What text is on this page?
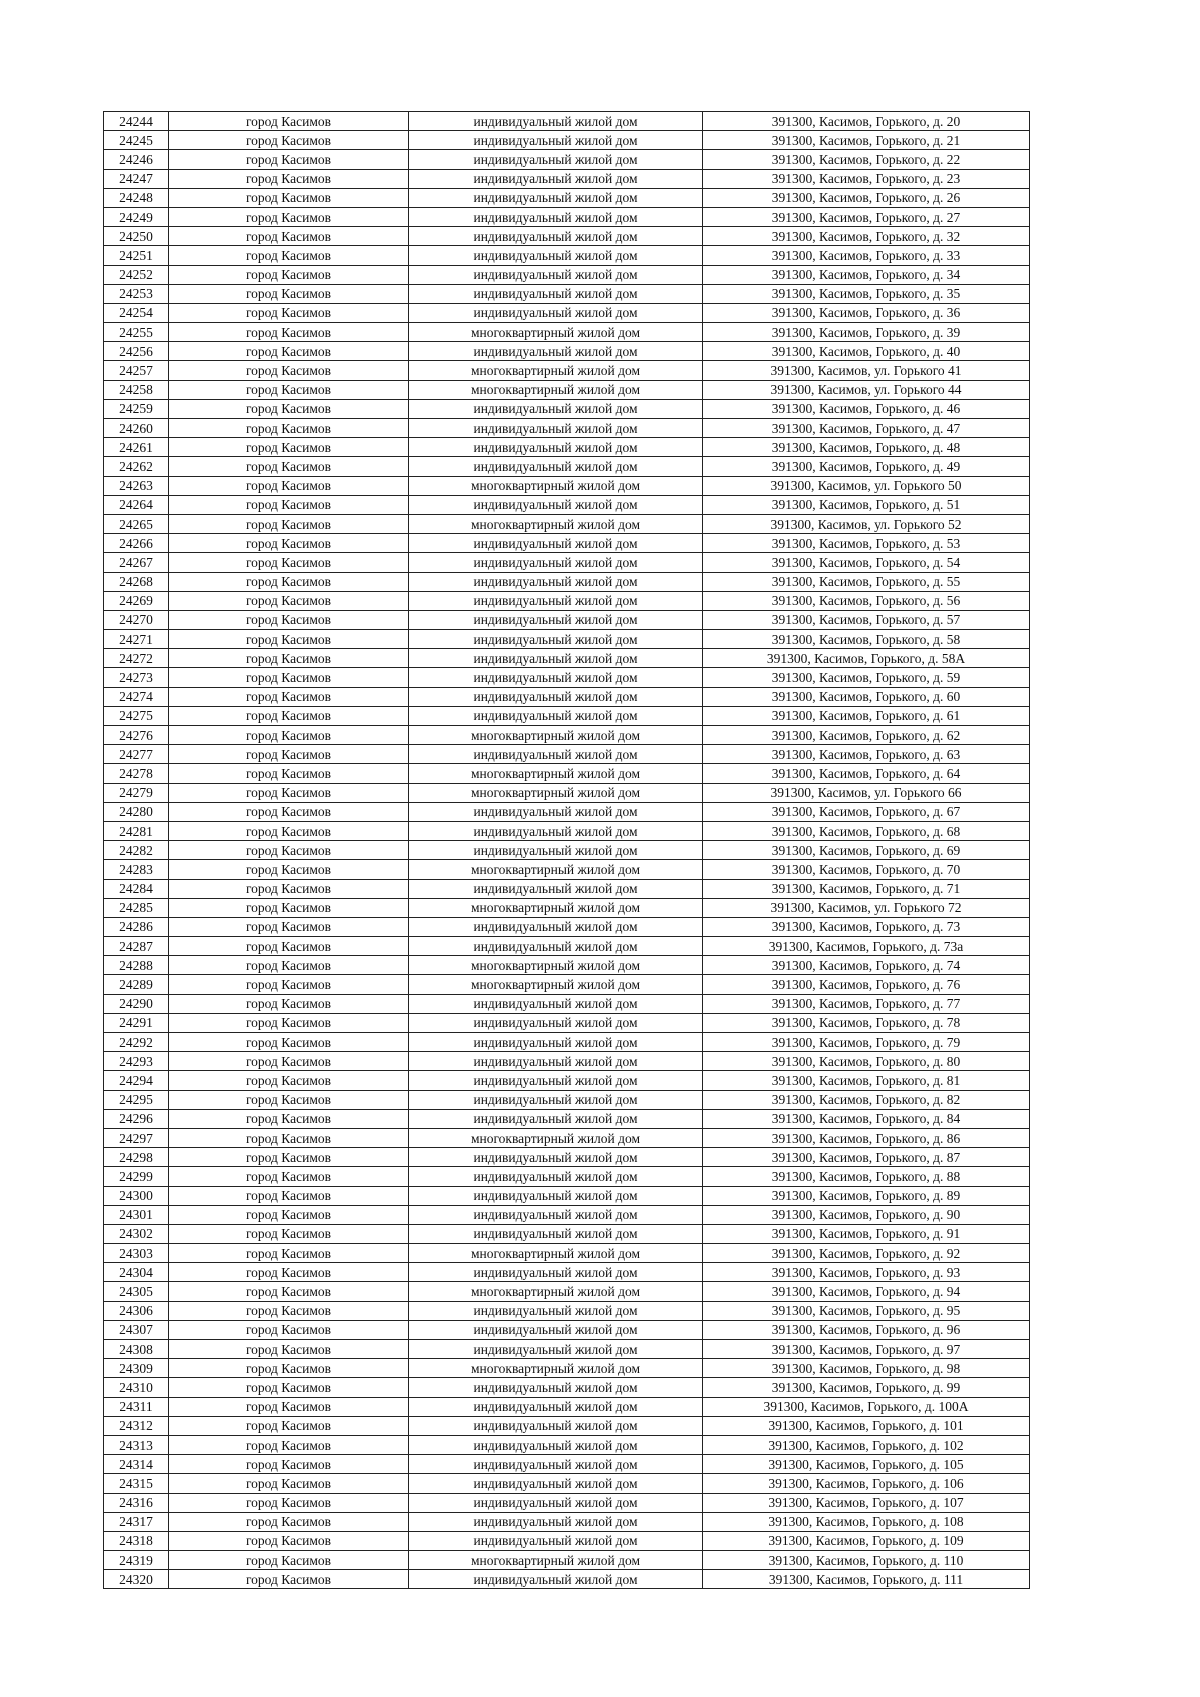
24244	город Касимов	индивидуальный жилой дом	391300, Касимов, Горького, д. 20
24245	город Касимов	индивидуальный жилой дом	391300, Касимов, Горького, д. 21
24246	город Касимов	индивидуальный жилой дом	391300, Касимов, Горького, д. 22
24247	город Касимов	индивидуальный жилой дом	391300, Касимов, Горького, д. 23
24248	город Касимов	индивидуальный жилой дом	391300, Касимов, Горького, д. 26
24249	город Касимов	индивидуальный жилой дом	391300, Касимов, Горького, д. 27
24250	город Касимов	индивидуальный жилой дом	391300, Касимов, Горького, д. 32
24251	город Касимов	индивидуальный жилой дом	391300, Касимов, Горького, д. 33
24252	город Касимов	индивидуальный жилой дом	391300, Касимов, Горького, д. 34
24253	город Касимов	индивидуальный жилой дом	391300, Касимов, Горького, д. 35
24254	город Касимов	индивидуальный жилой дом	391300, Касимов, Горького, д. 36
24255	город Касимов	многоквартирный жилой дом	391300, Касимов, Горького, д. 39
24256	город Касимов	индивидуальный жилой дом	391300, Касимов, Горького, д. 40
24257	город Касимов	многоквартирный жилой дом	391300, Касимов, ул. Горького 41
24258	город Касимов	многоквартирный жилой дом	391300, Касимов, ул. Горького 44
24259	город Касимов	индивидуальный жилой дом	391300, Касимов, Горького, д. 46
24260	город Касимов	индивидуальный жилой дом	391300, Касимов, Горького, д. 47
24261	город Касимов	индивидуальный жилой дом	391300, Касимов, Горького, д. 48
24262	город Касимов	индивидуальный жилой дом	391300, Касимов, Горького, д. 49
24263	город Касимов	многоквартирный жилой дом	391300, Касимов, ул. Горького 50
24264	город Касимов	индивидуальный жилой дом	391300, Касимов, Горького, д. 51
24265	город Касимов	многоквартирный жилой дом	391300, Касимов, ул. Горького 52
24266	город Касимов	индивидуальный жилой дом	391300, Касимов, Горького, д. 53
24267	город Касимов	индивидуальный жилой дом	391300, Касимов, Горького, д. 54
24268	город Касимов	индивидуальный жилой дом	391300, Касимов, Горького, д. 55
24269	город Касимов	индивидуальный жилой дом	391300, Касимов, Горького, д. 56
24270	город Касимов	индивидуальный жилой дом	391300, Касимов, Горького, д. 57
24271	город Касимов	индивидуальный жилой дом	391300, Касимов, Горького, д. 58
24272	город Касимов	индивидуальный жилой дом	391300, Касимов, Горького, д. 58А
24273	город Касимов	индивидуальный жилой дом	391300, Касимов, Горького, д. 59
24274	город Касимов	индивидуальный жилой дом	391300, Касимов, Горького, д. 60
24275	город Касимов	индивидуальный жилой дом	391300, Касимов, Горького, д. 61
24276	город Касимов	многоквартирный жилой дом	391300, Касимов, Горького, д. 62
24277	город Касимов	индивидуальный жилой дом	391300, Касимов, Горького, д. 63
24278	город Касимов	многоквартирный жилой дом	391300, Касимов, Горького, д. 64
24279	город Касимов	многоквартирный жилой дом	391300, Касимов, ул. Горького 66
24280	город Касимов	индивидуальный жилой дом	391300, Касимов, Горького, д. 67
24281	город Касимов	индивидуальный жилой дом	391300, Касимов, Горького, д. 68
24282	город Касимов	индивидуальный жилой дом	391300, Касимов, Горького, д. 69
24283	город Касимов	многоквартирный жилой дом	391300, Касимов, Горького, д. 70
24284	город Касимов	индивидуальный жилой дом	391300, Касимов, Горького, д. 71
24285	город Касимов	многоквартирный жилой дом	391300, Касимов, ул. Горького 72
24286	город Касимов	индивидуальный жилой дом	391300, Касимов, Горького, д. 73
24287	город Касимов	индивидуальный жилой дом	391300, Касимов, Горького, д. 73а
24288	город Касимов	многоквартирный жилой дом	391300, Касимов, Горького, д. 74
24289	город Касимов	многоквартирный жилой дом	391300, Касимов, Горького, д. 76
24290	город Касимов	индивидуальный жилой дом	391300, Касимов, Горького, д. 77
24291	город Касимов	индивидуальный жилой дом	391300, Касимов, Горького, д. 78
24292	город Касимов	индивидуальный жилой дом	391300, Касимов, Горького, д. 79
24293	город Касимов	индивидуальный жилой дом	391300, Касимов, Горького, д. 80
24294	город Касимов	индивидуальный жилой дом	391300, Касимов, Горького, д. 81
24295	город Касимов	индивидуальный жилой дом	391300, Касимов, Горького, д. 82
24296	город Касимов	индивидуальный жилой дом	391300, Касимов, Горького, д. 84
24297	город Касимов	многоквартирный жилой дом	391300, Касимов, Горького, д. 86
24298	город Касимов	индивидуальный жилой дом	391300, Касимов, Горького, д. 87
24299	город Касимов	индивидуальный жилой дом	391300, Касимов, Горького, д. 88
24300	город Касимов	индивидуальный жилой дом	391300, Касимов, Горького, д. 89
24301	город Касимов	индивидуальный жилой дом	391300, Касимов, Горького, д. 90
24302	город Касимов	индивидуальный жилой дом	391300, Касимов, Горького, д. 91
24303	город Касимов	многоквартирный жилой дом	391300, Касимов, Горького, д. 92
24304	город Касимов	индивидуальный жилой дом	391300, Касимов, Горького, д. 93
24305	город Касимов	многоквартирный жилой дом	391300, Касимов, Горького, д. 94
24306	город Касимов	индивидуальный жилой дом	391300, Касимов, Горького, д. 95
24307	город Касимов	индивидуальный жилой дом	391300, Касимов, Горького, д. 96
24308	город Касимов	индивидуальный жилой дом	391300, Касимов, Горького, д. 97
24309	город Касимов	многоквартирный жилой дом	391300, Касимов, Горького, д. 98
24310	город Касимов	индивидуальный жилой дом	391300, Касимов, Горького, д. 99
24311	город Касимов	индивидуальный жилой дом	391300, Касимов, Горького, д. 100А
24312	город Касимов	индивидуальный жилой дом	391300, Касимов, Горького, д. 101
24313	город Касимов	индивидуальный жилой дом	391300, Касимов, Горького, д. 102
24314	город Касимов	индивидуальный жилой дом	391300, Касимов, Горького, д. 105
24315	город Касимов	индивидуальный жилой дом	391300, Касимов, Горького, д. 106
24316	город Касимов	индивидуальный жилой дом	391300, Касимов, Горького, д. 107
24317	город Касимов	индивидуальный жилой дом	391300, Касимов, Горького, д. 108
24318	город Касимов	индивидуальный жилой дом	391300, Касимов, Горького, д. 109
24319	город Касимов	многоквартирный жилой дом	391300, Касимов, Горького, д. 110
24320	город Касимов	индивидуальный жилой дом	391300, Касимов, Горького, д. 111
